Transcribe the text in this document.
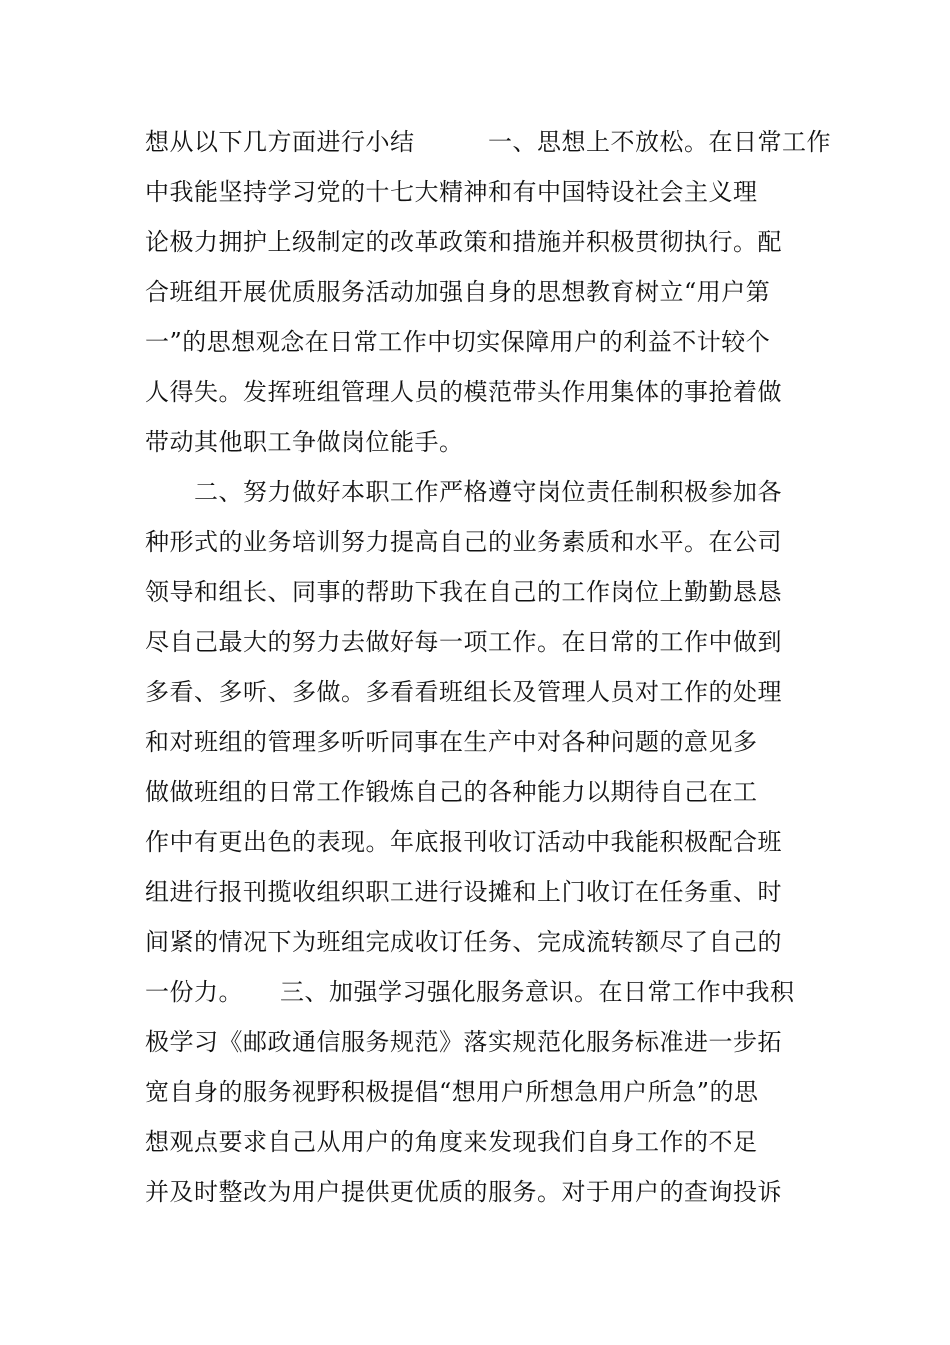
想从以下几方面进行小结　　　一、思想上不放松。在日常工作
中我能坚持学习党的十七大精神和有中国特设社会主义理
论极力拥护上级制定的改革政策和措施并积极贯彻执行。配
合班组开展优质服务活动加强自身的思想教育树立“用户第
一”的思想观念在日常工作中切实保障用户的利益不计较个
人得失。发挥班组管理人员的模范带头作用集体的事抢着做
带动其他职工争做岗位能手。
　　二、努力做好本职工作严格遵守岗位责任制积极参加各
种形式的业务培训努力提高自己的业务素质和水平。在公司
领导和组长、同事的帮助下我在自己的工作岗位上勤勤恳恳
尽自己最大的努力去做好每一项工作。在日常的工作中做到
多看、多听、多做。多看看班组长及管理人员对工作的处理
和对班组的管理多听听同事在生产中对各种问题的意见多
做做班组的日常工作锻炼自己的各种能力以期待自己在工
作中有更出色的表现。年底报刊收订活动中我能积极配合班
组进行报刊揽收组织职工进行设摊和上门收订在任务重、时
间紧的情况下为班组完成收订任务、完成流转额尽了自己的
一份力。　　三、加强学习强化服务意识。在日常工作中我积
极学习《邮政通信服务规范》落实规范化服务标准进一步拓
宽自身的服务视野积极提倡“想用户所想急用户所急”的思
想观点要求自己从用户的角度来发现我们自身工作的不足
并及时整改为用户提供更优质的服务。对于用户的查询投诉
